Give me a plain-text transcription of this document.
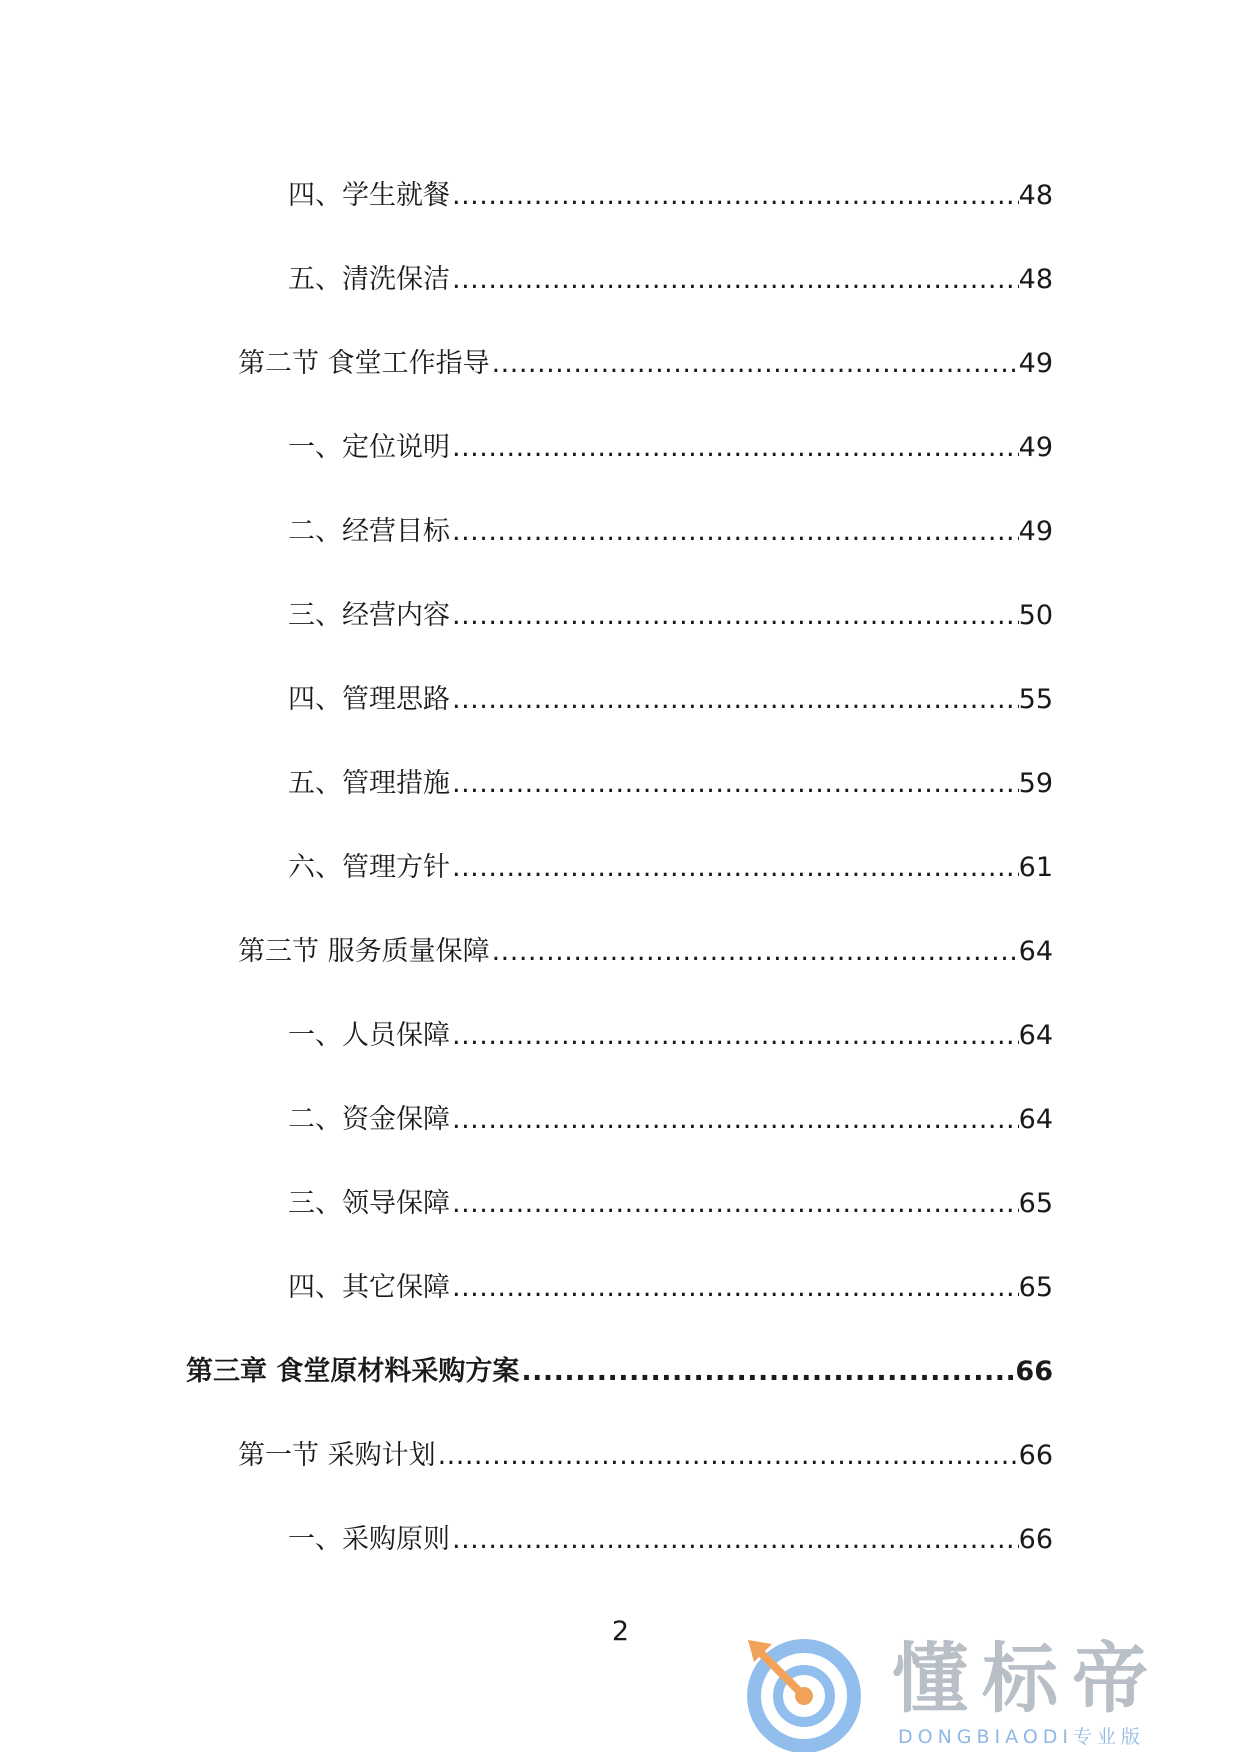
四、学生就餐 .....	48
五、清洗保洁 .....	48
第二节 食堂工作指导 .....	49
一、定位说明 .....	49
二、经营目标 .....	49
三、经营内容 .....	50
四、管理思路 .....	55
五、管理措施 .....	59
六、管理方针 .....	61
第三节 服务质量保障 .....	64
一、人员保障 .....	64
二、资金保障 .....	64
三、领导保障 .....	65
四、其它保障 .....	65
第三章 食堂原材料采购方案 .....	66
第一节 采购计划 .....	66
一、采购原则 .....	66
2
懂标帝
DONGBIAODI专业版
